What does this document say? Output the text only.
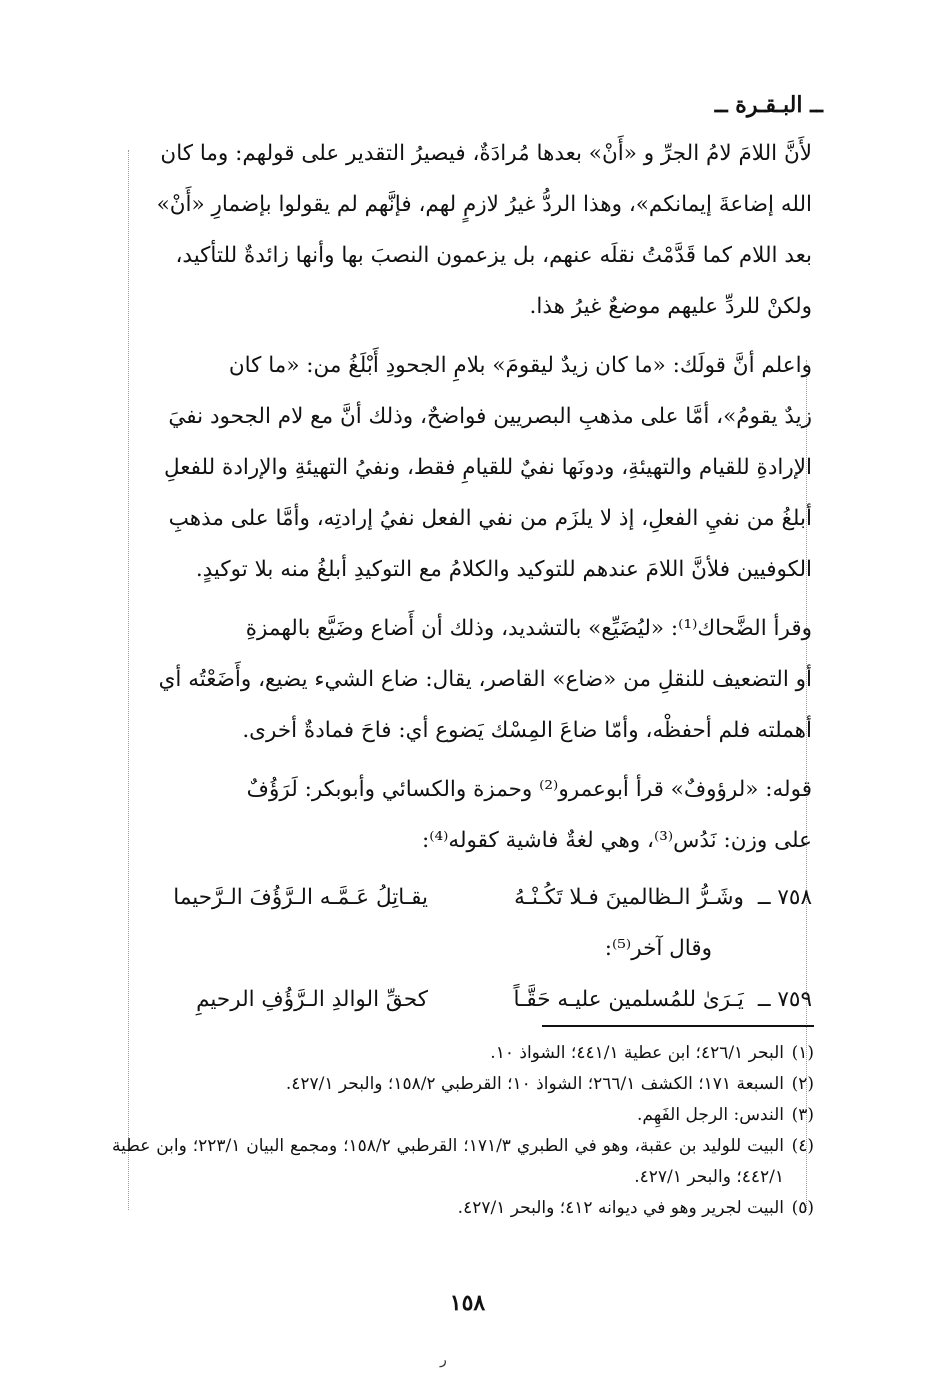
ــ البـقـرة ــ

لأَنَّ اللامَ لامُ الجرِّ و «أَنْ» بعدها مُرادَةٌ، فيصيرُ التقدير على قولهم: وما كان
الله إضاعةَ إيمانكم»، وهذا الردُّ غيرُ لازمٍ لهم، فإنَّهم لم يقولوا بإضمارِ «أَنْ»
بعد اللام كما قَدَّمْتُ نقلَه عنهم، بل يزعمون النصبَ بها وأنها زائدةٌ للتأكيد،
ولكنْ للردِّ عليهم موضعٌ غيرُ هذا.

واعلم أنَّ قولَك: «ما كان زيدٌ ليقومَ» بلامِ الجحودِ أَبْلَغُ من: «ما كان
زيدٌ يقومُ»، أمَّا على مذهبِ البصريين فواضحٌ، وذلك أنَّ مع لام الجحود نفيَ
الإرادةِ للقيام والتهيئةِ، ودونَها نفيٌ للقيامِ فقط، ونفيُ التهيئةِ والإرادة للفعلِ
أبلغُ من نفيِ الفعلِ، إذ لا يلزَم من نفي الفعل نفيُ إرادتِه، وأمَّا على مذهبِ
الكوفيين فلأنَّ اللامَ عندهم للتوكيد والكلامُ مع التوكيدِ أبلغُ منه بلا توكيدٍ.

وقرأ الضَّحاك⁽¹⁾: «ليُضَيِّع» بالتشديد، وذلك أن أَضاع وضَيَّع بالهمزةِ
أو التضعيف للنقلِ من «ضاع» القاصر، يقال: ضاع الشيء يضيع، وأَضَعْتُه أي
أهملته فلم أحفظْه، وأمّا ضاعَ المِسْك يَضوع أي: فاحَ فمادةٌ أخرى.

قوله: «لرؤوفٌ» قرأ أبوعمرو⁽²⁾ وحمزة والكسائي وأبوبكر: لَرَؤُفٌ
على وزن: نَدُس⁽³⁾، وهي لغةٌ فاشية كقوله⁽⁴⁾:

٧٥٨ ــ
وشَـرُّ الـظالمينَ فـلا تَكُـنْـهُ
يقـاتِلُ عَـمَّـه الـرَّؤُفَ الـرَّحيما
وقال آخر⁽⁵⁾:
٧٥٩ ــ
يَـرَىٰ للمُسلمين عليـه حَقَّـاً
كحقِّ الوالدِ الـرَّؤُفِ الرحيمِ
(١)
البحر ٤٢٦/١؛ ابن عطية ٤٤١/١؛ الشواذ ١٠.
(٢)
السبعة ١٧١؛ الكشف ٢٦٦/١؛ الشواذ ١٠؛ القرطبي ١٥٨/٢؛ والبحر ٤٢٧/١.
(٣)
الندس: الرجل الفَهِم.
(٤)
البيت للوليد بن عقبة، وهو في الطبري ١٧١/٣؛ القرطبي ١٥٨/٢؛ ومجمع البيان ٢٢٣/١؛ وابن عطية ٤٤٢/١؛ والبحر ٤٢٧/١.
(٥)
البيت لجرير وهو في ديوانه ٤١٢؛ والبحر ٤٢٧/١.
١٥٨
ر
